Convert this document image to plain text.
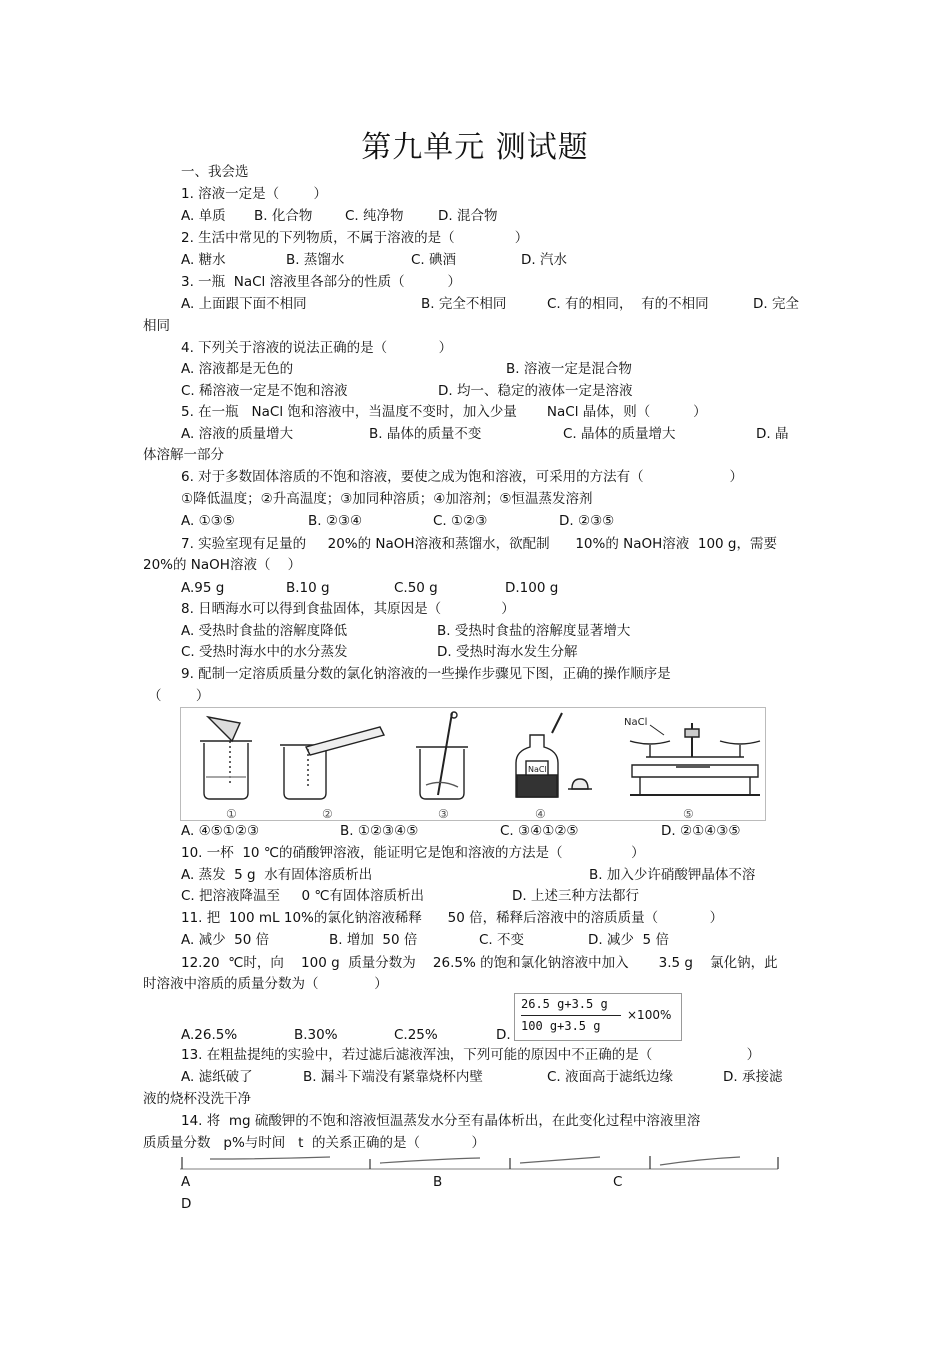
第九单元 测试题
一、我会选
1. 溶液一定是（        ）
A. 单质 B. 化合物 C. 纯净物	D. 混合物
2. 生活中常见的下列物质，不属于溶液的是（              ）
A. 糖水	B. 蒸馏水	C. 碘酒	D. 汽水
3. 一瓶  NaCl 溶液里各部分的性质（          ）
A. 上面跟下面不相同	B. 完全不相同	C. 有的相同，  有的不相同	D. 完全
相同
4. 下列关于溶液的说法正确的是（            ）
A. 溶液都是无色的	B. 溶液一定是混合物
C. 稀溶液一定是不饱和溶液	D. 均一、稳定的液体一定是溶液
5. 在一瓶   NaCl 饱和溶液中，当温度不变时，加入少量       NaCl 晶体，则（          ）
A. 溶液的质量增大	B. 晶体的质量不变	C. 晶体的质量增大	D. 晶
体溶解一部分
6. 对于多数固体溶质的不饱和溶液，要使之成为饱和溶液，可采用的方法有（                    ）
①降低温度；②升高温度；③加同种溶质；④加溶剂；⑤恒温蒸发溶剂
A. ①③⑤	B. ②③④	C. ①②③	D. ②③⑤
7. 实验室现有足量的     20%的 NaOH溶液和蒸馏水，欲配制      10%的 NaOH溶液  100 g，需要
20%的 NaOH溶液（    ）
A.95 g	B.10 g	C.50 g	D.100 g
8. 日晒海水可以得到食盐固体，其原因是（              ）
A. 受热时食盐的溶解度降低	B. 受热时食盐的溶解度显著增大
C. 受热时海水中的水分蒸发	D. 受热时海水发生分解
9. 配制一定溶质质量分数的氯化钠溶液的一些操作步骤见下图，正确的操作顺序是
（        ）
NaCl
NaCl
①	②	③	④	⑤
A. ④⑤①②③	B. ①②③④⑤	C. ③④①②⑤	D. ②①④③⑤
10. 一杯  10 ℃的硝酸钾溶液，能证明它是饱和溶液的方法是（                ）
A. 蒸发  5 g  水有固体溶质析出	B. 加入少许硝酸钾晶体不溶
C. 把溶液降温至     0 ℃有固体溶质析出	D. 上述三种方法都行
11. 把  100 mL 10%的氯化钠溶液稀释      50 倍，稀释后溶液中的溶质质量（            ）
A. 减少  50 倍	B. 增加  50 倍	C. 不变	D. 减少  5 倍
12.20  ℃时，向    100 g  质量分数为    26.5% 的饱和氯化钠溶液中加入       3.5 g    氯化钠，此
时溶液中溶质的质量分数为（             ）
26.5 g+3.5 g
100 g+3.5 g
×100%
A.26.5%	B.30%	C.25%	D.
13. 在粗盐提纯的实验中，若过滤后滤液浑浊，下列可能的原因中不正确的是（                      ）
A. 滤纸破了	B. 漏斗下端没有紧靠烧杯内壁	C. 液面高于滤纸边缘	D. 承接滤
液的烧杯没洗干净
14. 将  mg 硫酸钾的不饱和溶液恒温蒸发水分至有晶体析出，在此变化过程中溶液里溶
质质量分数   p%与时间   t  的关系正确的是（            ）
A	B	C
D
